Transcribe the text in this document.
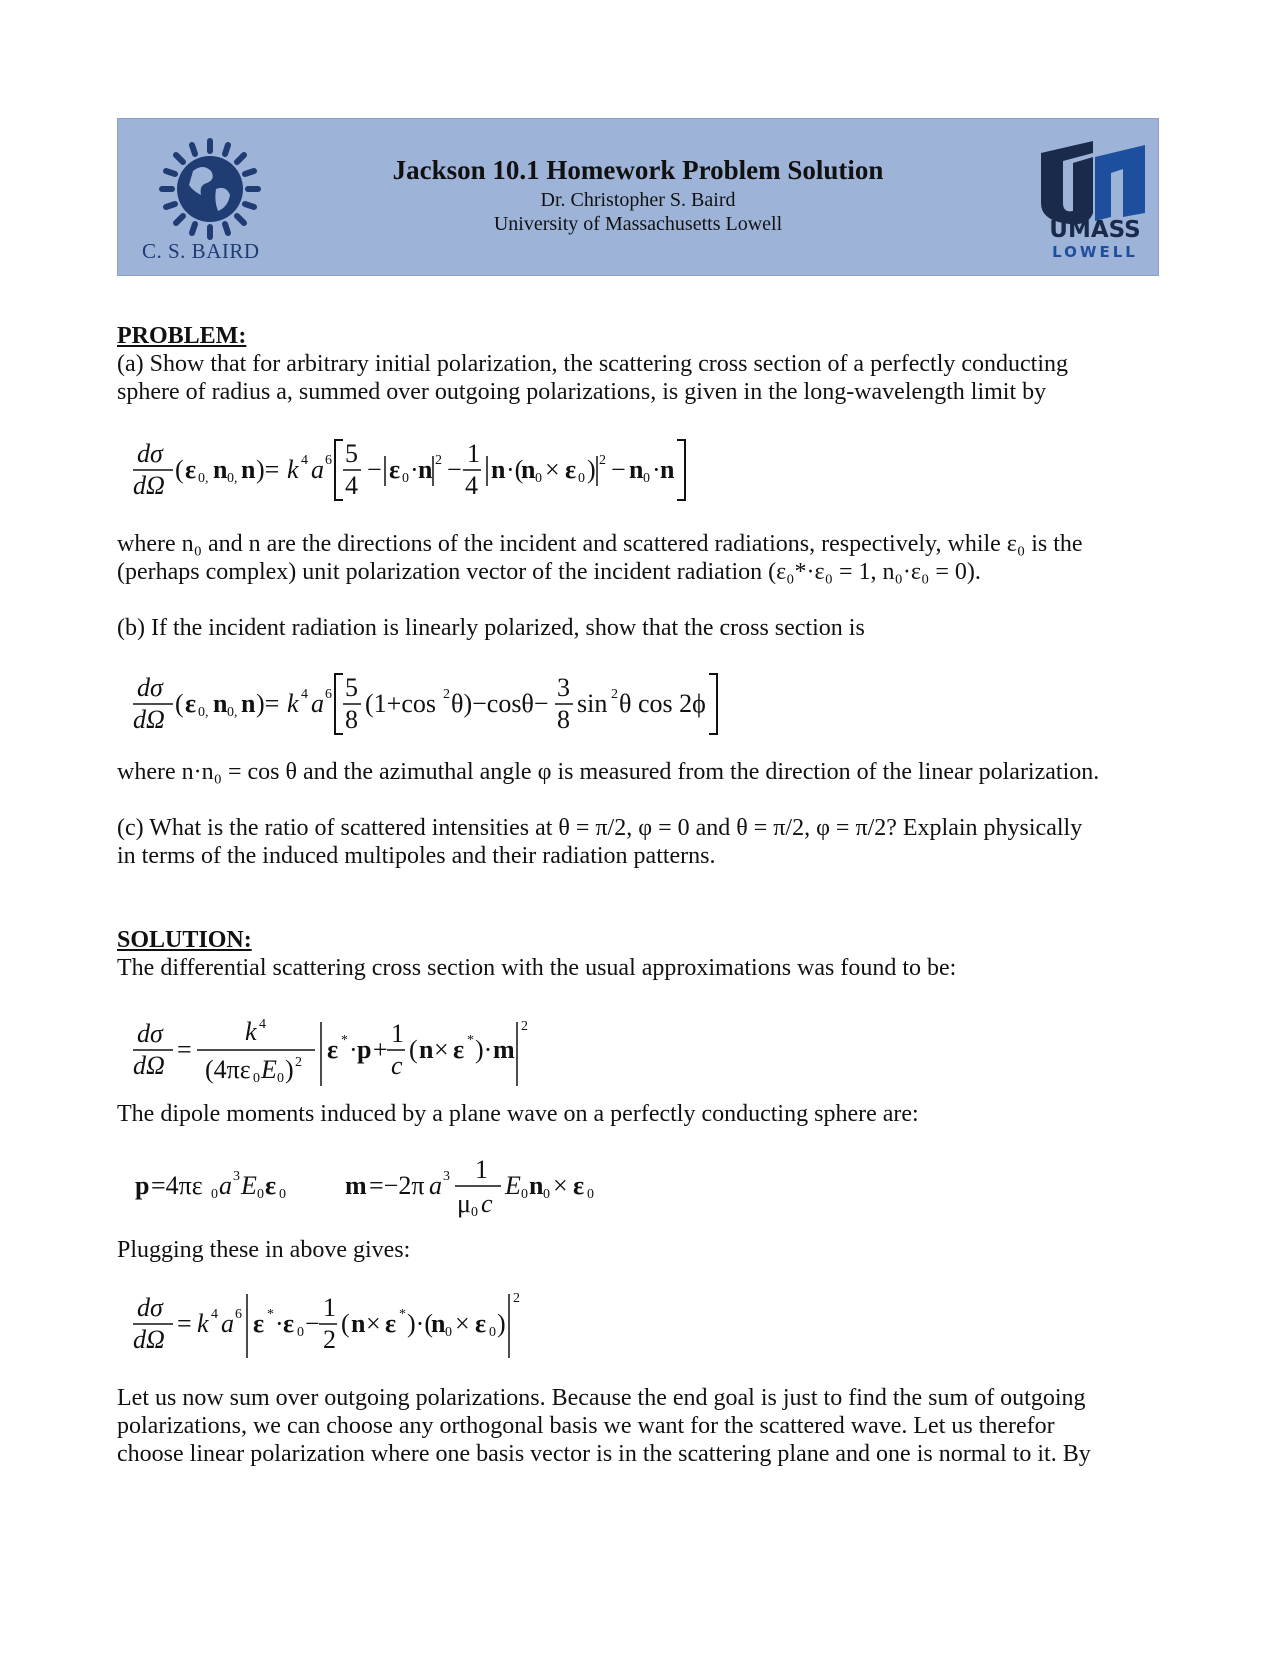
C. S. BAIRD
Jackson 10.1 Homework Problem Solution
Dr. Christopher S. Baird
University of Massachusetts Lowell	UMASS
LOWELL
PROBLEM:
(a) Show that for arbitrary initial polarization, the scattering cross section of a perfectly conducting
sphere of radius a, summed over outgoing polarizations, is given in the long-wavelength limit by
dσ
dΩ
( ε 0, n 0, n )= k 4 a 6 5
4
− ε 0 · n 2 −
1
4
n ·(
n 0 × ε 0 ) 2 − n 0 · n
where n₀ and n are the directions of the incident and scattered radiations, respectively, while ε₀ is the
(perhaps complex) unit polarization vector of the incident radiation (ε₀*·ε₀ = 1, n₀·ε₀ = 0).
(b) If the incident radiation is linearly polarized, show that the cross section is
dσ
dΩ
( ε 0, n 0, n )= k 4 a 6 5
8
(1+cos 2 θ)−cosθ−
3
8
sin 2 θ cos 2ϕ
where n·n₀ = cos θ and the azimuthal angle φ is measured from the direction of the linear polarization.
(c) What is the ratio of scattered intensities at θ = π/2, φ = 0 and θ = π/2, φ = π/2? Explain physically
in terms of the induced multipoles and their radiation patterns.
SOLUTION:
The differential scattering cross section with the usual approximations was found to be:
dσ
dΩ
=
k 4
(4πε 0 E 0 ) 2 ε * · p +
1
c
( n × ε * )· m
2
The dipole moments induced by a plane wave on a perfectly conducting sphere are:
p =4πε 0 a 3 E 0 ε 0 m =−2π a 3 1
μ 0 c
E 0 n 0 × ε 0
Plugging these in above gives:
dσ
dΩ
= k 4 a 6 ε * · ε 0 −
1
2
( n × ε * )·(
n 0 × ε 0 )
2
Let us now sum over outgoing polarizations. Because the end goal is just to find the sum of outgoing
polarizations, we can choose any orthogonal basis we want for the scattered wave. Let us therefor
choose linear polarization where one basis vector is in the scattering plane and one is normal to it. By
